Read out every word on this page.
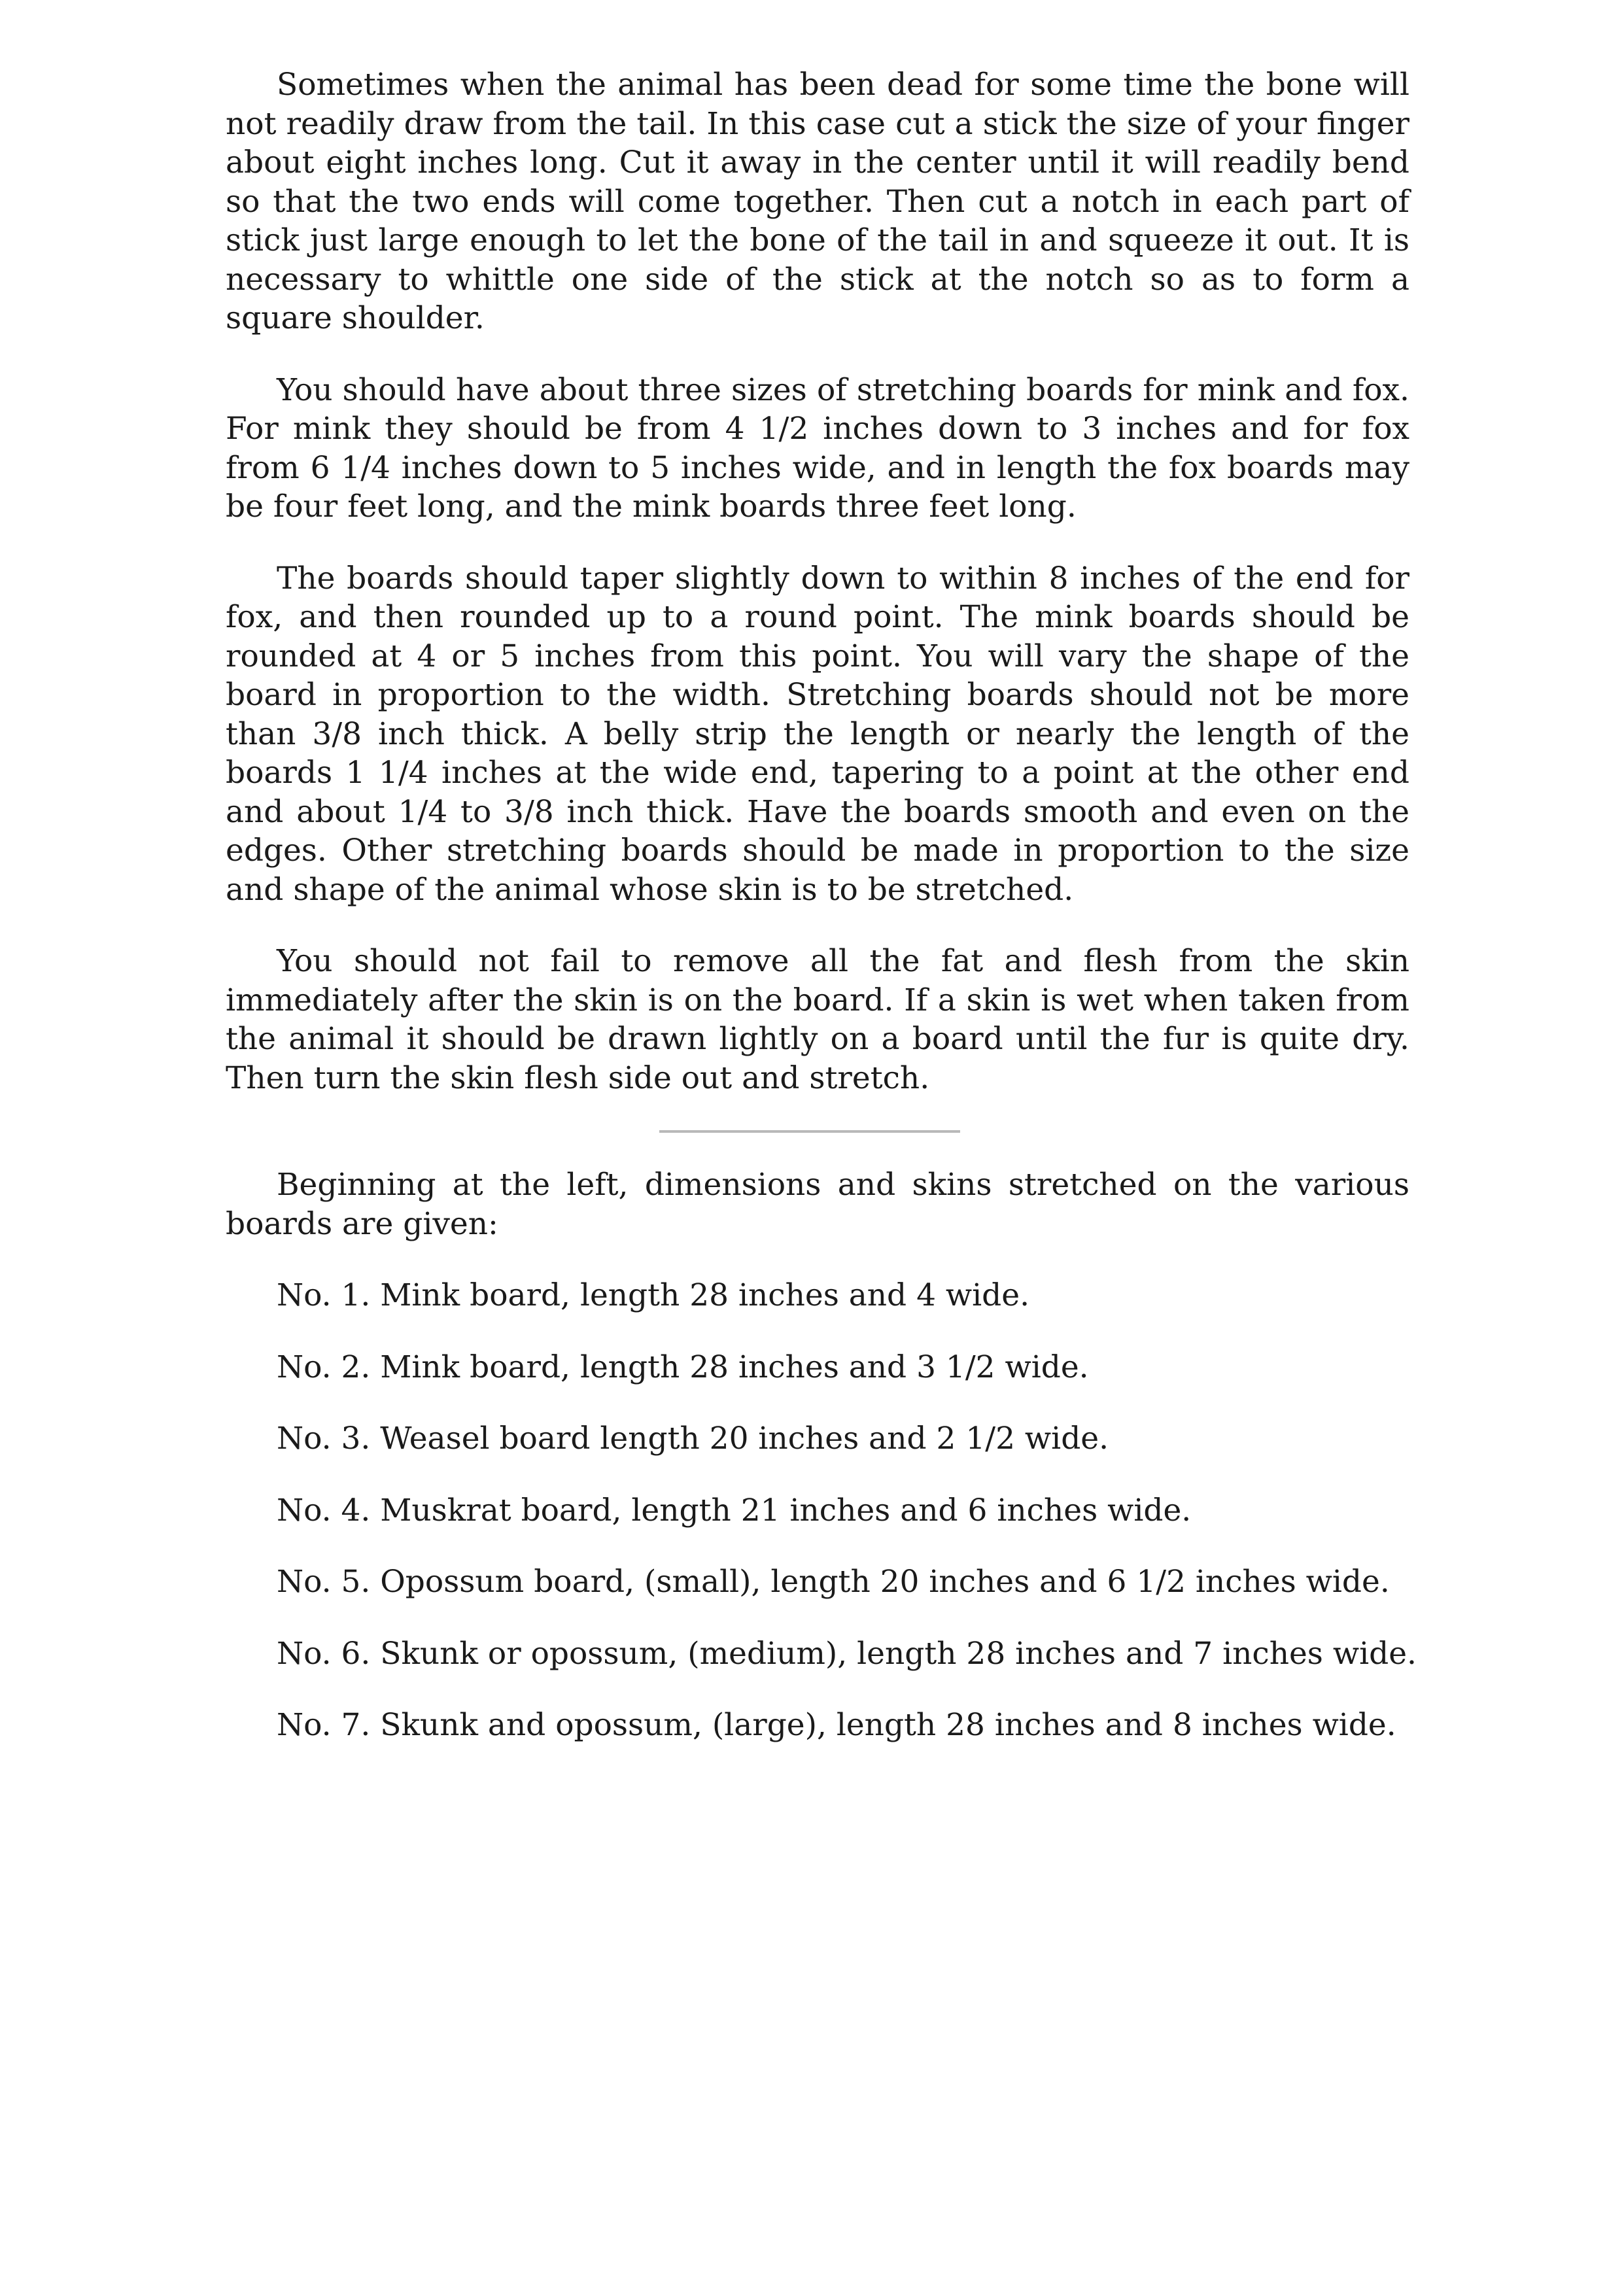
Sometimes when the animal has been dead for some time the bone will not readily draw from the tail. In this case cut a stick the size of your finger about eight inches long. Cut it away in the center until it will readily bend so that the two ends will come together. Then cut a notch in each part of stick just large enough to let the bone of the tail in and squeeze it out. It is necessary to whittle one side of the stick at the notch so as to form a square shoulder.

You should have about three sizes of stretching boards for mink and fox. For mink they should be from 4 1/2 inches down to 3 inches and for fox from 6 1/4 inches down to 5 inches wide, and in length the fox boards may be four feet long, and the mink boards three feet long.

The boards should taper slightly down to within 8 inches of the end for fox, and then rounded up to a round point. The mink boards should be rounded at 4 or 5 inches from this point. You will vary the shape of the board in proportion to the width. Stretching boards should not be more than 3/8 inch thick. A belly strip the length or nearly the length of the boards 1 1/4 inches at the wide end, tapering to a point at the other end and about 1/4 to 3/8 inch thick. Have the boards smooth and even on the edges. Other stretching boards should be made in proportion to the size and shape of the animal whose skin is to be stretched.

You should not fail to remove all the fat and flesh from the skin immediately after the skin is on the board. If a skin is wet when taken from the animal it should be drawn lightly on a board until the fur is quite dry. Then turn the skin flesh side out and stretch.

Beginning at the left, dimensions and skins stretched on the various boards are given:

No. 1. Mink board, length 28 inches and 4 wide.
No. 2. Mink board, length 28 inches and 3 1/2 wide.
No. 3. Weasel board length 20 inches and 2 1/2 wide.
No. 4. Muskrat board, length 21 inches and 6 inches wide.
No. 5. Opossum board, (small), length 20 inches and 6 1/2 inches wide.
No. 6. Skunk or opossum, (medium), length 28 inches and 7 inches wide.
No. 7. Skunk and opossum, (large), length 28 inches and 8 inches wide.
